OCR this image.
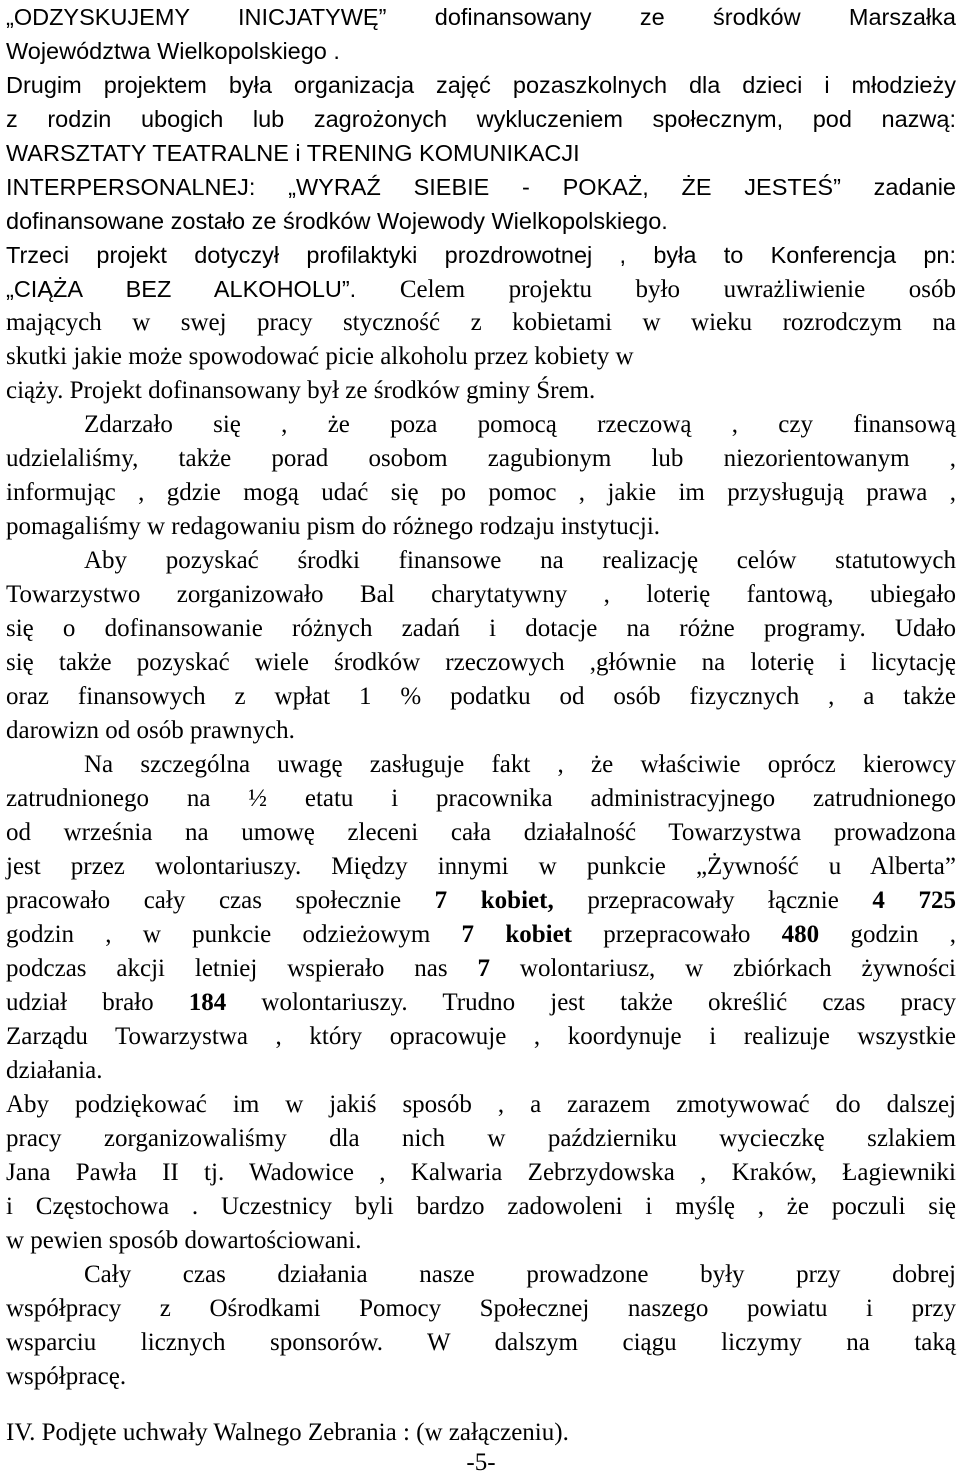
„ODZYSKUJEMY INICJATYWĘ” dofinansowany ze środków Marszałka
Województwa Wielkopolskiego .
Drugim projektem była organizacja zajęć pozaszkolnych dla dzieci i młodzieży
z rodzin ubogich lub zagrożonych wykluczeniem społecznym, pod nazwą:
WARSZTATY TEATRALNE i TRENING KOMUNIKACJI
INTERPERSONALNEJ: „WYRAŹ SIEBIE - POKAŻ, ŻE JESTEŚ” zadanie
dofinansowane zostało ze środków Wojewody Wielkopolskiego.
Trzeci projekt dotyczył profilaktyki prozdrowotnej , była to Konferencja pn:
„CIĄŻA BEZ ALKOHOLU”. Celem projektu było uwrażliwienie osób
mających w swej pracy styczność z kobietami w wieku rozrodczym na
skutki jakie może spowodować picie alkoholu przez kobiety w
ciąży. Projekt dofinansowany był ze środków gminy Śrem.
Zdarzało się , że poza pomocą rzeczową , czy finansową
udzielaliśmy, także porad osobom zagubionym lub niezorientowanym ,
informując , gdzie mogą udać się po pomoc , jakie im przysługują prawa ,
pomagaliśmy w redagowaniu pism do różnego rodzaju instytucji.
Aby pozyskać środki finansowe na realizację celów statutowych
Towarzystwo zorganizowało Bal charytatywny , loterię fantową, ubiegało
się o dofinansowanie różnych zadań i dotacje na różne programy. Udało
się także pozyskać wiele środków rzeczowych ,głównie na loterię i licytację
oraz finansowych z wpłat 1 % podatku od osób fizycznych , a także
darowizn od osób prawnych.
Na szczególna uwagę zasługuje fakt , że właściwie oprócz kierowcy
zatrudnionego na ½ etatu i pracownika administracyjnego zatrudnionego
od września na umowę zleceni cała działalność Towarzystwa prowadzona
jest przez wolontariuszy. Między innymi w punkcie „Żywność u Alberta”
pracowało cały czas społecznie 7 kobiet, przepracowały łącznie 4 725
godzin , w punkcie odzieżowym 7 kobiet przepracowało 480 godzin ,
podczas akcji letniej wspierało nas 7 wolontariusz, w zbiórkach żywności
udział brało 184 wolontariuszy. Trudno jest także określić czas pracy
Zarządu Towarzystwa , który opracowuje , koordynuje i realizuje wszystkie
działania.
Aby podziękować im w jakiś sposób , a zarazem zmotywować do dalszej
pracy zorganizowaliśmy dla nich w październiku wycieczkę szlakiem
Jana Pawła II tj. Wadowice , Kalwaria Zebrzydowska , Kraków, Łagiewniki
i Częstochowa . Uczestnicy byli bardzo zadowoleni i myślę , że poczuli się
w pewien sposób dowartościowani.
Cały czas działania nasze prowadzone były przy dobrej
współpracy z Ośrodkami Pomocy Społecznej naszego powiatu i przy
wsparciu licznych sponsorów. W dalszym ciągu liczymy na taką
współpracę.
IV. Podjęte uchwały Walnego Zebrania : (w załączeniu).
-5-
